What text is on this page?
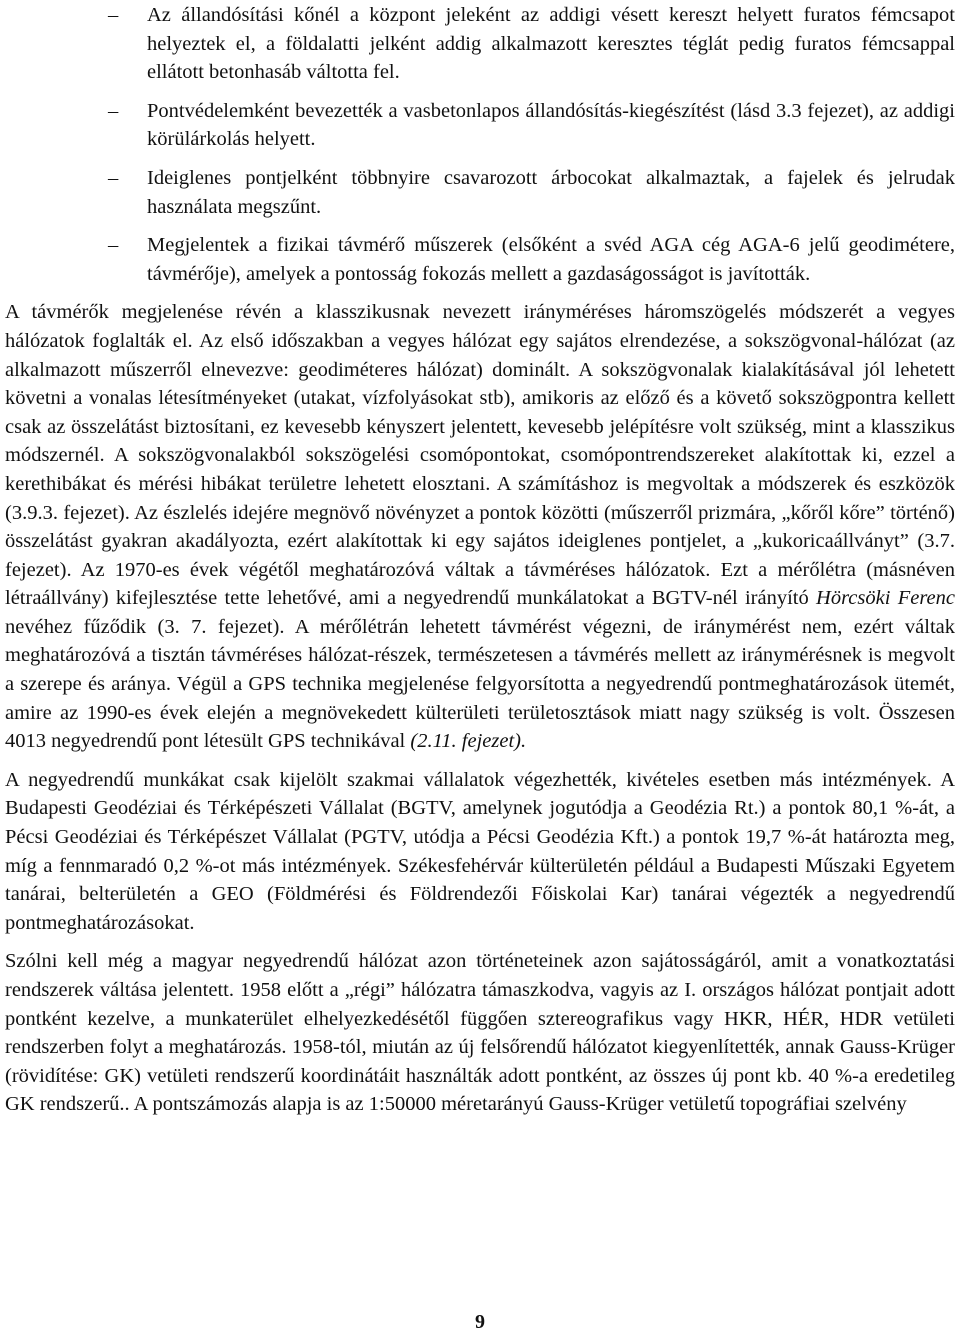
– Az állandósítási kőnél a központ jeleként az addigi vésett kereszt helyett furatos fémcsapot helyeztek el, a földalatti jelként addig alkalmazott keresztes téglát pedig furatos fémcsappal ellátott betonhasáb váltotta fel.
– Pontvédelemként bevezették a vasbetonlapos állandósítás-kiegészítést (lásd 3.3 fejezet), az addigi körülárkolás helyett.
– Ideiglenes pontjelként többnyire csavarozott árbocokat alkalmaztak, a fajelek és jelrudak használata megszűnt.
– Megjelentek a fizikai távmérő műszerek (elsőként a svéd AGA cég AGA-6 jelű geodimétere, távmérője), amelyek a pontosság fokozás mellett a gazdaságosságot is javították.

A távmérők megjelenése révén a klasszikusnak nevezett irányméréses háromszögelés módszerét a vegyes hálózatok foglalták el. Az első időszakban a vegyes hálózat egy sajátos elrendezése, a sokszögvonal-hálózat (az alkalmazott műszerről elnevezve: geodiméteres hálózat) dominált. A sokszögvonalak kialakításával jól lehetett követni a vonalas létesítményeket (utakat, vízfolyásokat stb), amikoris az előző és a követő sokszögpontra kellett csak az összelátást biztosítani, ez kevesebb kényszert jelentett, kevesebb jelépítésre volt szükség, mint a klasszikus módszernél. A sokszögvonalakból sokszögelési csomópontokat, csomópontrendszereket alakítottak ki, ezzel a kerethibákat és mérési hibákat területre lehetett elosztani. A számításhoz is megvoltak a módszerek és eszközök (3.9.3. fejezet). Az észlelés idejére megnövő növényzet a pontok közötti (műszerről prizmára, „kőről kőre” történő) összelátást gyakran akadályozta, ezért alakítottak ki egy sajátos ideiglenes pontjelet, a „kukoricaállványt” (3.7. fejezet). Az 1970-es évek végétől meghatározóvá váltak a távméréses hálózatok. Ezt a mérőlétra (másnéven létraállvány) kifejlesztése tette lehetővé, ami a negyedrendű munkálatokat a BGTV-nél irányító Hörcsöki Ferenc nevéhez fűződik (3. 7. fejezet). A mérőlétrán lehetett távmérést végezni, de iránymérést nem, ezért váltak meghatározóvá a tisztán távméréses hálózat-részek, természetesen a távmérés mellett az iránymérésnek is megvolt a szerepe és aránya. Végül a GPS technika megjelenése felgyorsította a negyedrendű pontmeghatározások ütemét, amire az 1990-es évek elején a megnövekedett külterületi területosztások miatt nagy szükség is volt. Összesen 4013 negyedrendű pont létesült GPS technikával (2.11. fejezet).

A negyedrendű munkákat csak kijelölt szakmai vállalatok végezhették, kivételes esetben más intézmények. A Budapesti Geodéziai és Térképészeti Vállalat (BGTV, amelynek jogutódja a Geodézia Rt.) a pontok 80,1 %-át, a Pécsi Geodéziai és Térképészet Vállalat (PGTV, utódja a Pécsi Geodézia Kft.) a pontok 19,7 %-át határozta meg, míg a fennmaradó 0,2 %-ot más intézmények. Székesfehérvár külterületén például a Budapesti Műszaki Egyetem tanárai, belterületén a GEO (Földmérési és Földrendezői Főiskolai Kar) tanárai végezték a negyedrendű pontmeghatározásokat.

Szólni kell még a magyar negyedrendű hálózat azon történeteinek azon sajátosságáról, amit a vonatkoztatási rendszerek váltása jelentett. 1958 előtt a „régi” hálózatra támaszkodva, vagyis az I. országos hálózat pontjait adott pontként kezelve, a munkaterület elhelyezkedésétől függően sztereografikus vagy HKR, HÉR, HDR vetületi rendszerben folyt a meghatározás. 1958-tól, miután az új felsőrendű hálózatot kiegyenlítették, annak Gauss-Krüger (rövidítése: GK) vetületi rendszerű koordinátáit használták adott pontként, az összes új pont kb. 40 %-a eredetileg GK rendszerű.. A pontszámozás alapja is az 1:50000 méretarányú Gauss-Krüger vetületű topográfiai szelvény

9
